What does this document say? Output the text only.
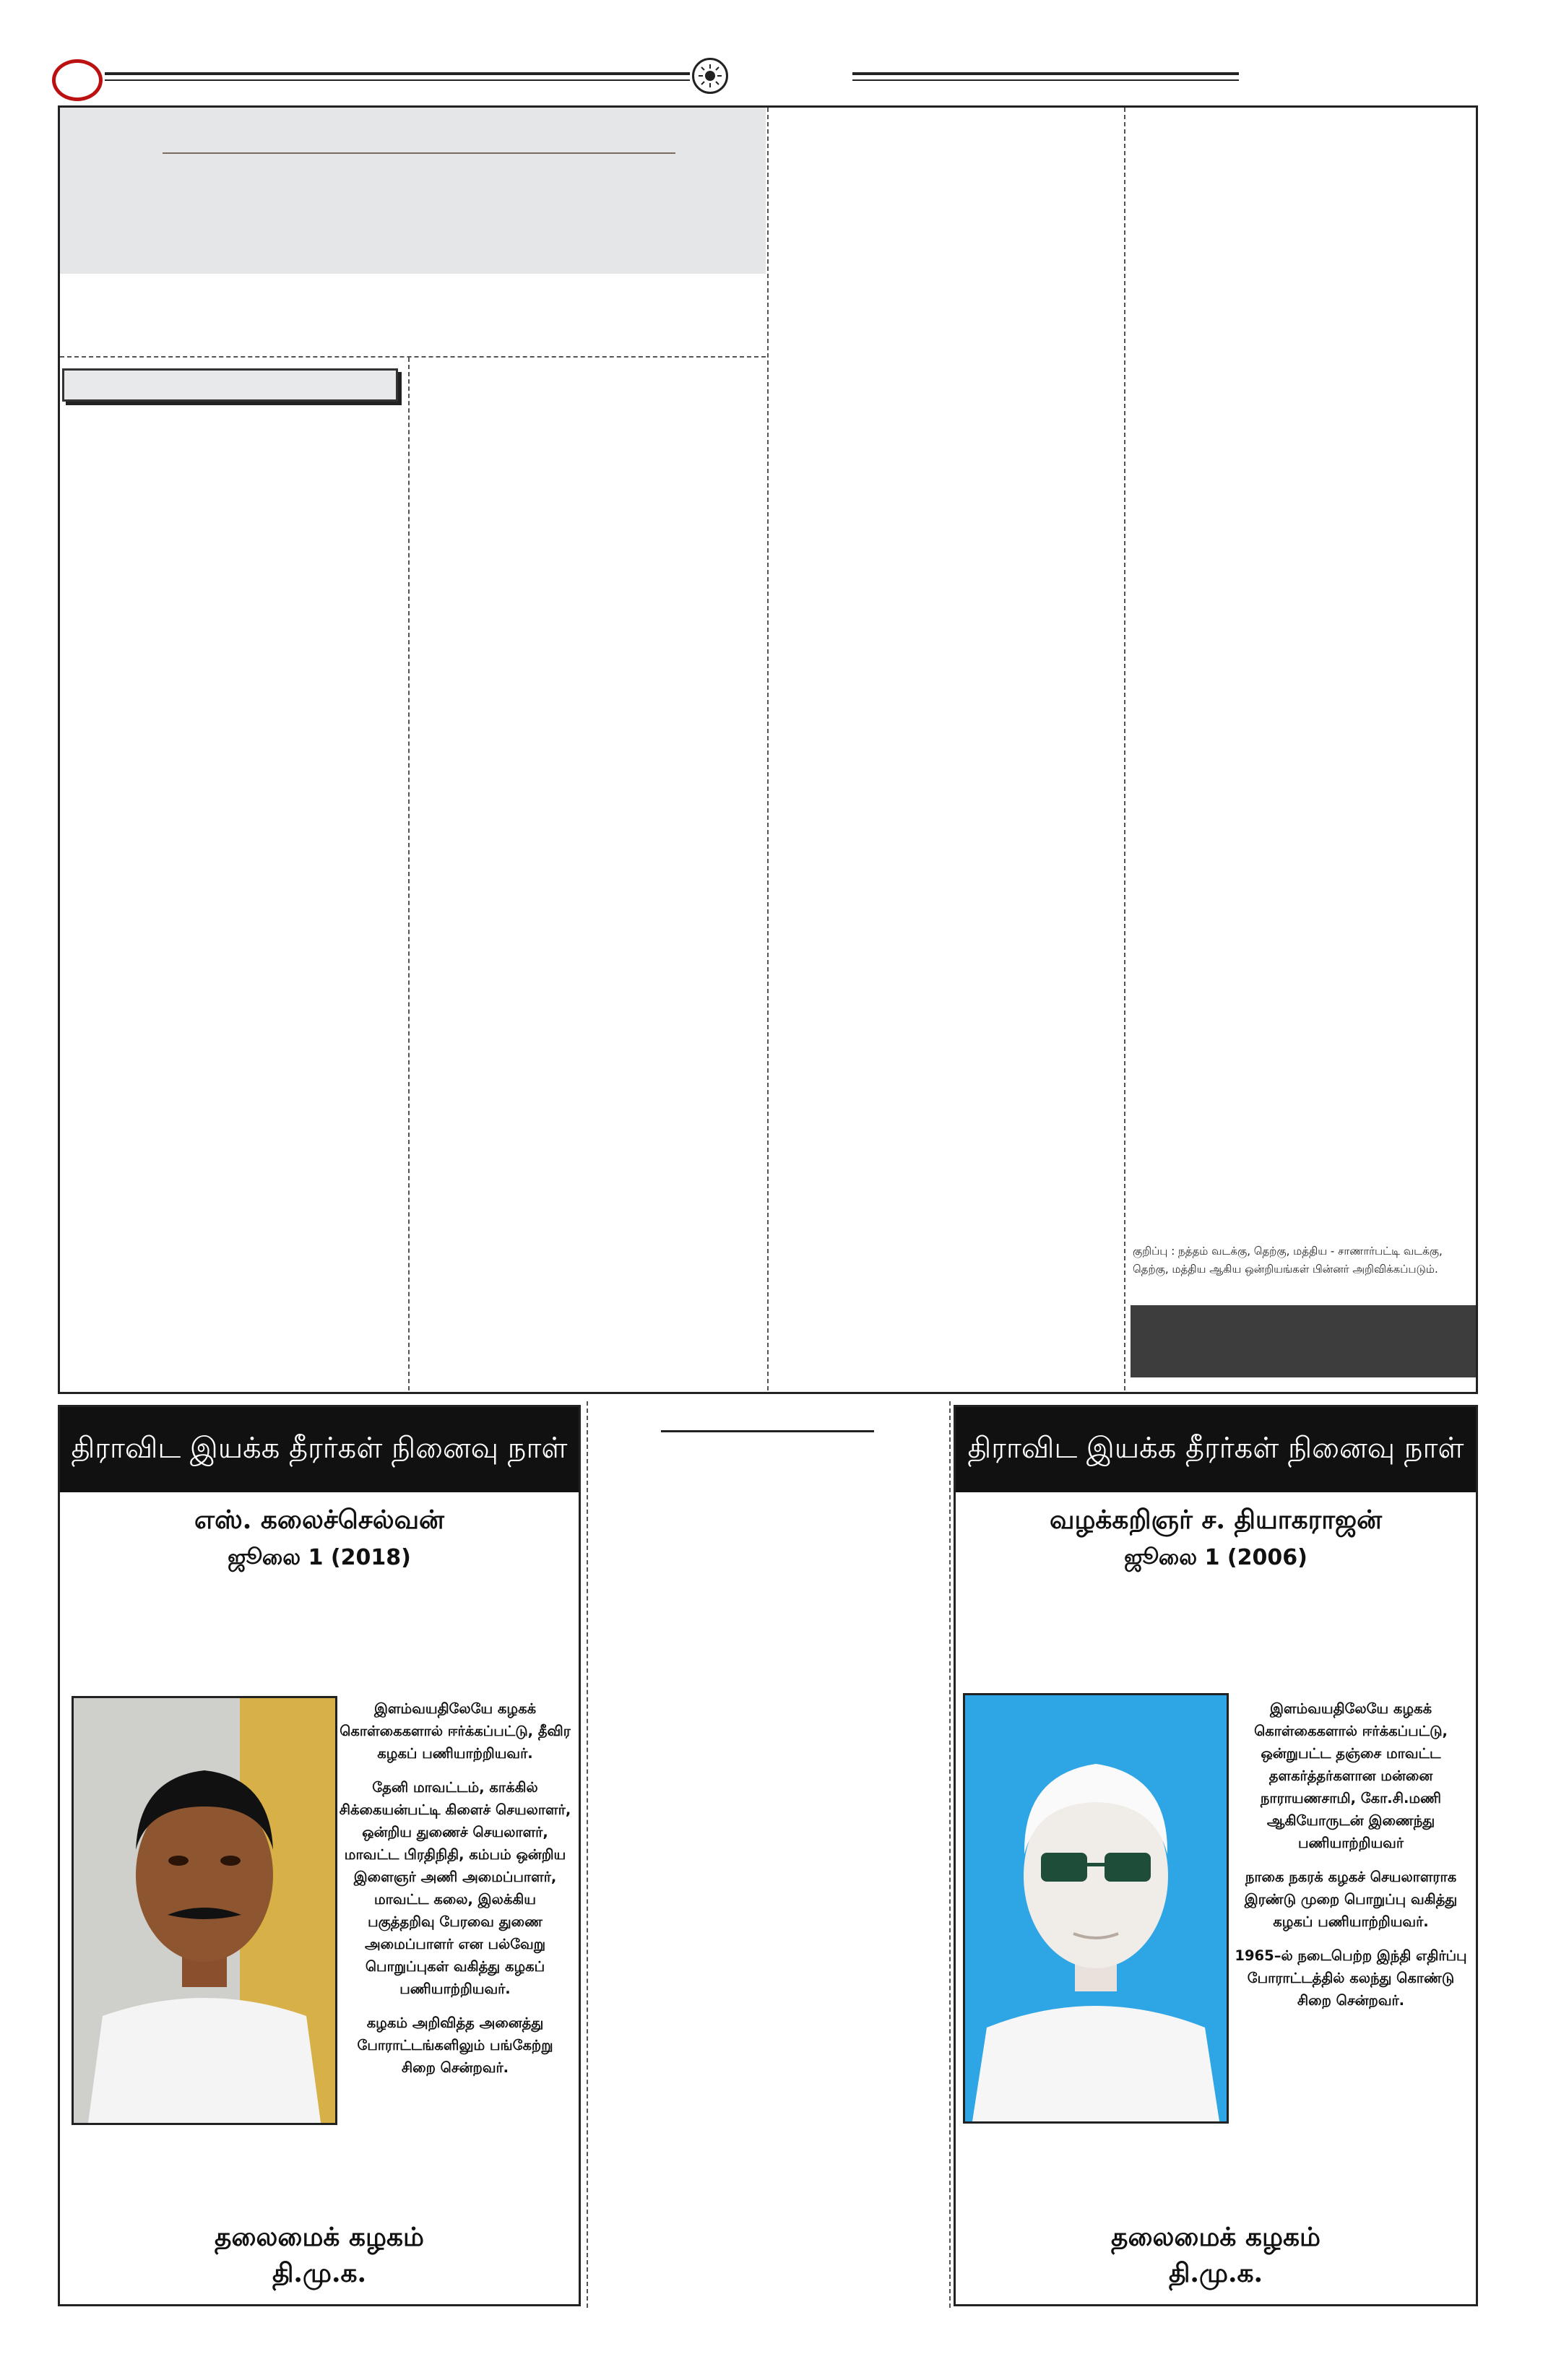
குறிப்பு : நத்தம் வடக்கு, தெற்கு, மத்திய - சாணார்பட்டி வடக்கு, தெற்கு, மத்திய ஆகிய ஒன்றியங்கள் பின்னர் அறிவிக்கப்படும்.
திராவிட இயக்க தீரர்கள் நினைவு நாள்
எஸ். கலைச்செல்வன்
ஜூலை 1 (2018)

இளம்வயதிலேயே கழகக் கொள்கைகளால் ஈர்க்கப்பட்டு, தீவிர கழகப் பணியாற்றியவர்.

தேனி மாவட்டம், காக்கில் சிக்கையன்பட்டி கிளைச் செயலாளர், ஒன்றிய துணைச் செயலாளர், மாவட்ட பிரதிநிதி, கம்பம் ஒன்றிய இளைஞர் அணி அமைப்பாளர், மாவட்ட கலை, இலக்கிய பகுத்தறிவு பேரவை துணை அமைப்பாளர் என பல்வேறு பொறுப்புகள் வகித்து கழகப் பணியாற்றியவர்.

கழகம் அறிவித்த அனைத்து போராட்டங்களிலும் பங்கேற்று சிறை சென்றவர்.

தலைமைக் கழகம்
தி.மு.க.
திராவிட இயக்க தீரர்கள் நினைவு நாள்
வழக்கறிஞர் ச. தியாகராஜன்
ஜூலை 1 (2006)

இளம்வயதிலேயே கழகக் கொள்கைகளால் ஈர்க்கப்பட்டு, ஒன்றுபட்ட தஞ்சை மாவட்ட தளகர்த்தர்களான மன்னை நாராயணசாமி, கோ.சி.மணி ஆகியோருடன் இணைந்து பணியாற்றியவர்

நாகை நகரக் கழகச் செயலாளராக இரண்டு முறை பொறுப்பு வகித்து கழகப் பணியாற்றியவர்.

1965–ல் நடைபெற்ற இந்தி எதிர்ப்பு போராட்டத்தில் கலந்து கொண்டு சிறை சென்றவர்.

தலைமைக் கழகம்
தி.மு.க.
